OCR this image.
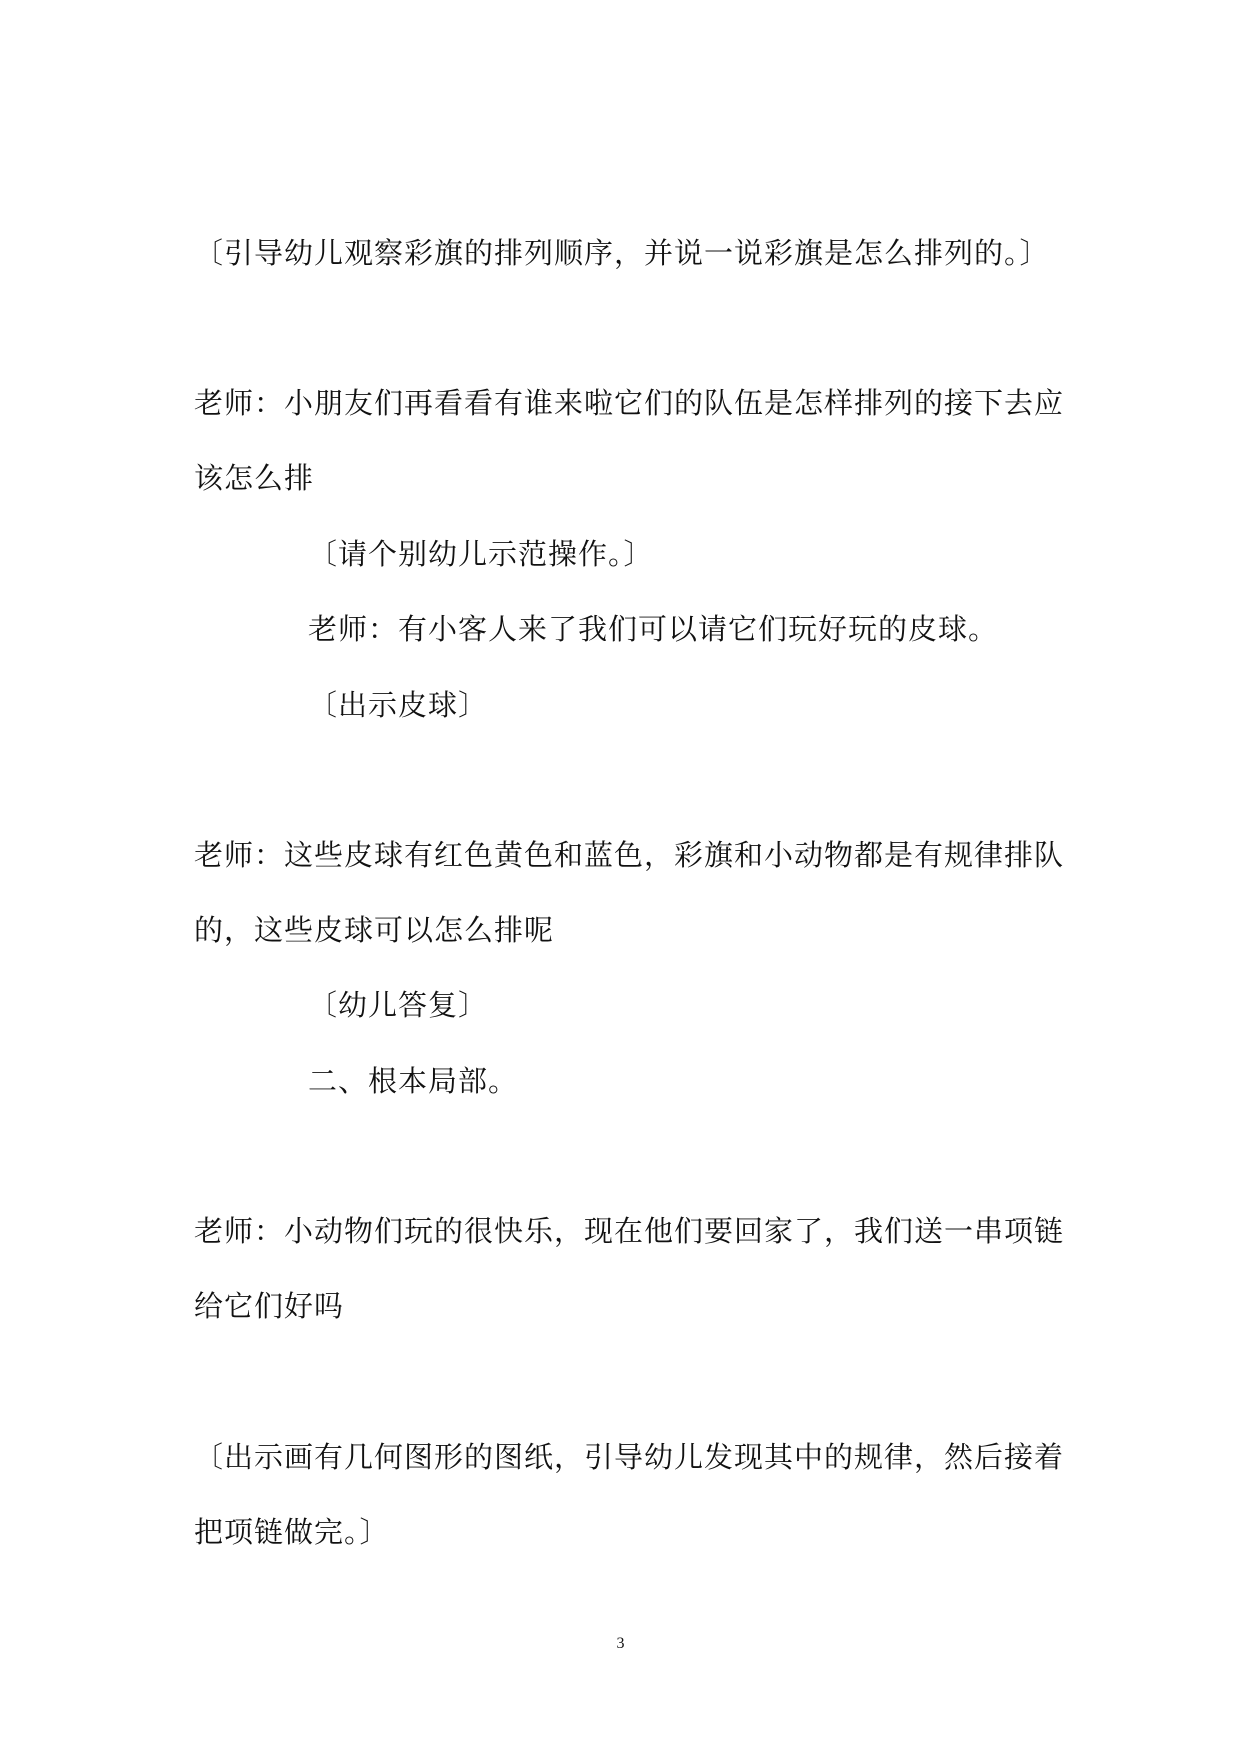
〔引导幼儿观察彩旗的排列顺序，并说一说彩旗是怎么排列的。〕
老师：小朋友们再看看有谁来啦它们的队伍是怎样排列的接下去应
该怎么排
〔请个别幼儿示范操作。〕
老师：有小客人来了我们可以请它们玩好玩的皮球。
〔出示皮球〕
老师：这些皮球有红色黄色和蓝色，彩旗和小动物都是有规律排队
的，这些皮球可以怎么排呢
〔幼儿答复〕
二、根本局部。
老师：小动物们玩的很快乐，现在他们要回家了，我们送一串项链
给它们好吗
〔出示画有几何图形的图纸，引导幼儿发现其中的规律，然后接着
把项链做完。〕
3
